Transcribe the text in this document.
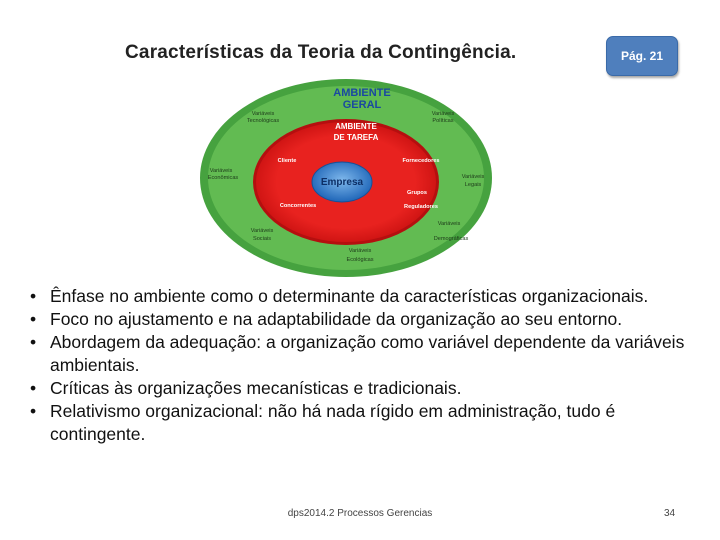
Características da Teoria da Contingência.	Pág. 21
AMBIENTE
GERAL
AMBIENTE
DE TAREFA
Empresa
Variáveis
Tecnológicas
Variáveis
Políticas
Variáveis
Econômicas	Variáveis
Legais
Variáveis
Sociais
Variáveis
Demográficas
Variáveis
Ecológicas
Cliente	Fornecedores
Concorrentes
Grupos
Reguladores
• Ênfase no ambiente como o determinante da características organizacionais.
• Foco no ajustamento e na adaptabilidade da organização ao seu entorno.
• Abordagem da adequação: a organização como variável dependente da variáveis ambientais.
• Críticas às organizações mecanísticas e tradicionais.
• Relativismo organizacional: não há nada rígido em administração, tudo é contingente.
dps2014.2 Processos Gerencias	34
